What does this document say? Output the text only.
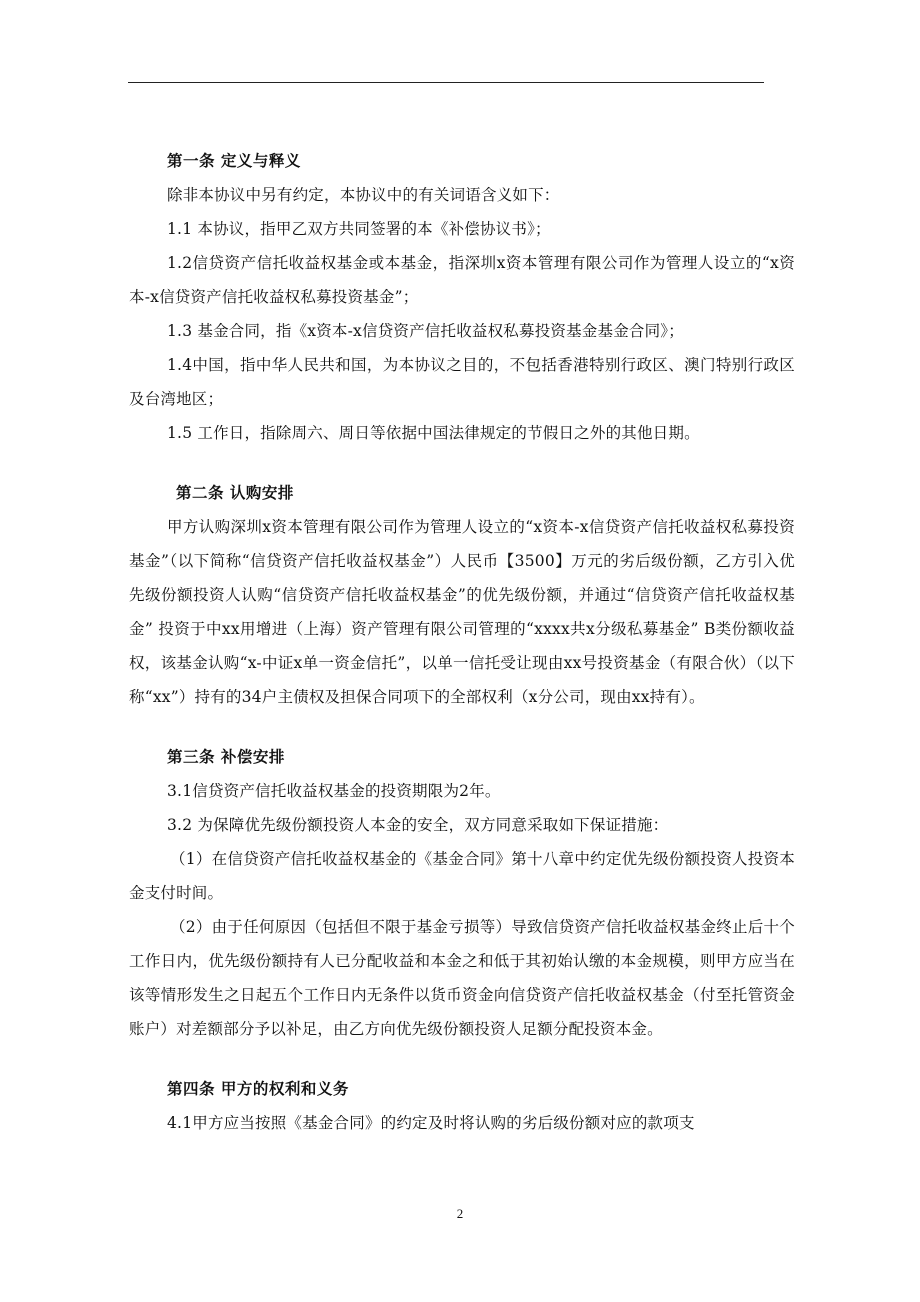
第一条 定义与释义

除非本协议中另有约定，本协议中的有关词语含义如下：

1.1 本协议，指甲乙双方共同签署的本《补偿协议书》；

1.2信贷资产信托收益权基金或本基金，指深圳x资本管理有限公司作为管理人设立的“x资本-x信贷资产信托收益权私募投资基金”；

1.3 基金合同，指《x资本-x信贷资产信托收益权私募投资基金基金合同》；

1.4中国，指中华人民共和国，为本协议之目的，不包括香港特别行政区、澳门特别行政区及台湾地区；

1.5 工作日，指除周六、周日等依据中国法律规定的节假日之外的其他日期。

第二条 认购安排

甲方认购深圳x资本管理有限公司作为管理人设立的“x资本-x信贷资产信托收益权私募投资基金”（以下简称“信贷资产信托收益权基金”）人民币【3500】万元的劣后级份额，乙方引入优先级份额投资人认购“信贷资产信托收益权基金”的优先级份额，并通过“信贷资产信托收益权基金” 投资于中xx用增进（上海）资产管理有限公司管理的“xxxx共x分级私募基金” B类份额收益权，该基金认购“x-中证x单一资金信托”，以单一信托受让现由xx号投资基金（有限合伙）（以下称“xx”）持有的34户主债权及担保合同项下的全部权利（x分公司，现由xx持有）。

第三条 补偿安排

3.1信贷资产信托收益权基金的投资期限为2年。

3.2 为保障优先级份额投资人本金的安全，双方同意采取如下保证措施：

（1）在信贷资产信托收益权基金的《基金合同》第十八章中约定优先级份额投资人投资本金支付时间。

（2）由于任何原因（包括但不限于基金亏损等）导致信贷资产信托收益权基金终止后十个工作日内，优先级份额持有人已分配收益和本金之和低于其初始认缴的本金规模，则甲方应当在该等情形发生之日起五个工作日内无条件以货币资金向信贷资产信托收益权基金（付至托管资金账户）对差额部分予以补足，由乙方向优先级份额投资人足额分配投资本金。

第四条 甲方的权利和义务

4.1甲方应当按照《基金合同》的约定及时将认购的劣后级份额对应的款项支

2
